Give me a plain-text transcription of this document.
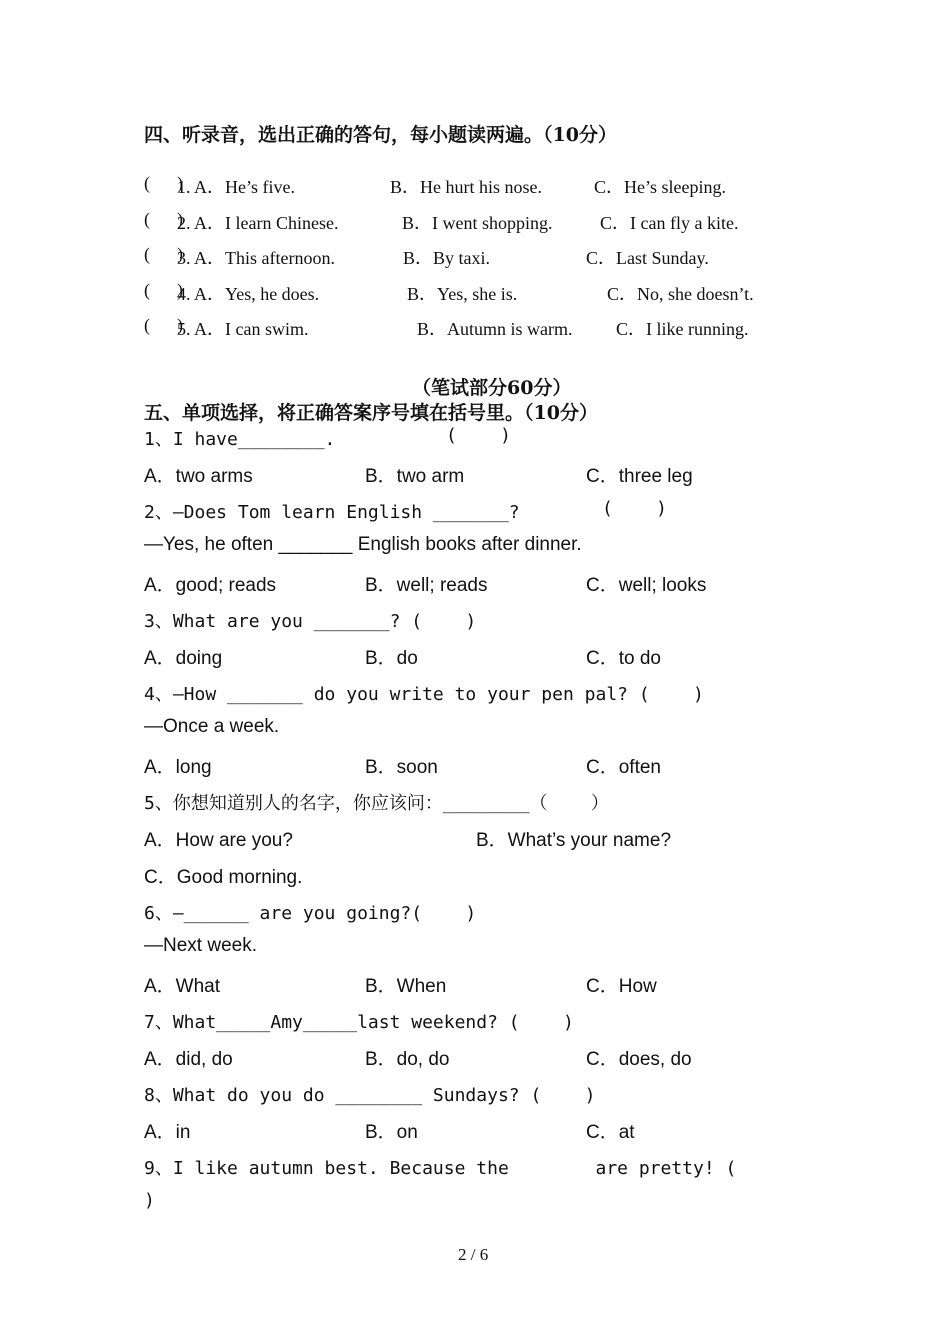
四、听录音，选出正确的答句，每小题读两遍。（10分）
(      )
1. A．He’s five.	B．He hurt his nose.	C．He’s sleeping.
(      )
2. A．I learn Chinese.	B．I went shopping.	C．I can fly a kite.
(      )
3. A．This afternoon.	B．By taxi.	C．Last Sunday.
(      )
4. A．Yes, he does.	B．Yes, she is.	C．No, she doesn’t.
(      )
5. A．I can swim.	B．Autumn is warm. C．I like running.
（笔试部分60分）
五、单项选择，将正确答案序号填在括号里。（10分）
1、I have________.	(    )
A．two arms	B．two arm	C．three leg
2、—Does Tom learn English _______?	(    )
—Yes, he often _______ English books after dinner.
A．good; reads	B．well; reads	C．well; looks
3、What are you _______? (    )
A．doing	B．do	C．to do
4、—How _______ do you write to your pen pal? (    )
—Once a week.
A．long	B．soon	C．often
5、你想知道别人的名字，你应该问：________（    ）
A．How are you?	B．What’s your name?
C．Good morning.
6、—______ are you going?(    )
—Next week.
A．What	B．When	C．How
7、What_____Amy_____last weekend? (    )
A．did, do	B．do, do	C．does, do
8、What do you do ________ Sundays? (    )
A．in	B．on	C．at
9、I like autumn best. Because the        are pretty! (
)
2 / 6
